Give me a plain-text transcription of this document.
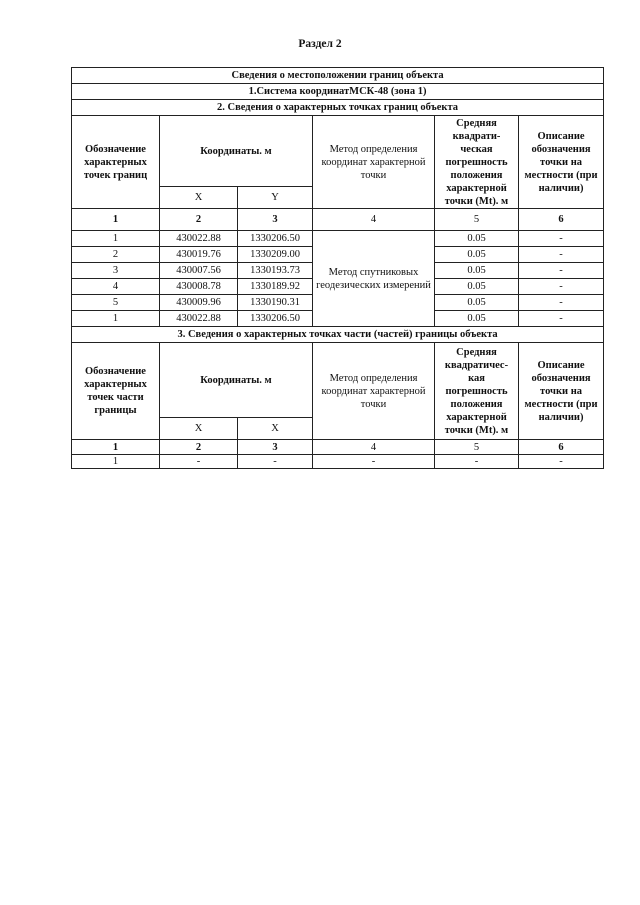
Раздел 2
Сведения о местоположении границ объекта					
1.Система координатМСК-48 (зона 1)					
2. Сведения о характерных точках границ объекта					
Обозначение характерных точек границ	Координаты. м		Метод определения координат характерной точки	Средняя квадрати-ческая погрешность положения характерной точки (Mt). м	Описание обозначения точки на местности (при наличии)
	X	Y			
1	2	3	4	5	6
1	430022.88	1330206.50	Метод спутниковых геодезических измерений	0.05	-
2	430019.76	1330209.00		0.05	-
3	430007.56	1330193.73		0.05	-
4	430008.78	1330189.92		0.05	-
5	430009.96	1330190.31		0.05	-
1	430022.88	1330206.50		0.05	-
3. Сведения о характерных точках части (частей) границы объекта					
Обозначение характерных точек части границы	Координаты. м		Метод определения координат характерной точки	Средняя квадратичес-кая погрешность положения характерной точки (Mt). м	Описание обозначения точки на местности (при наличии)
	X	X			
1	2	3	4	5	6
1	-	-	-	-	-
